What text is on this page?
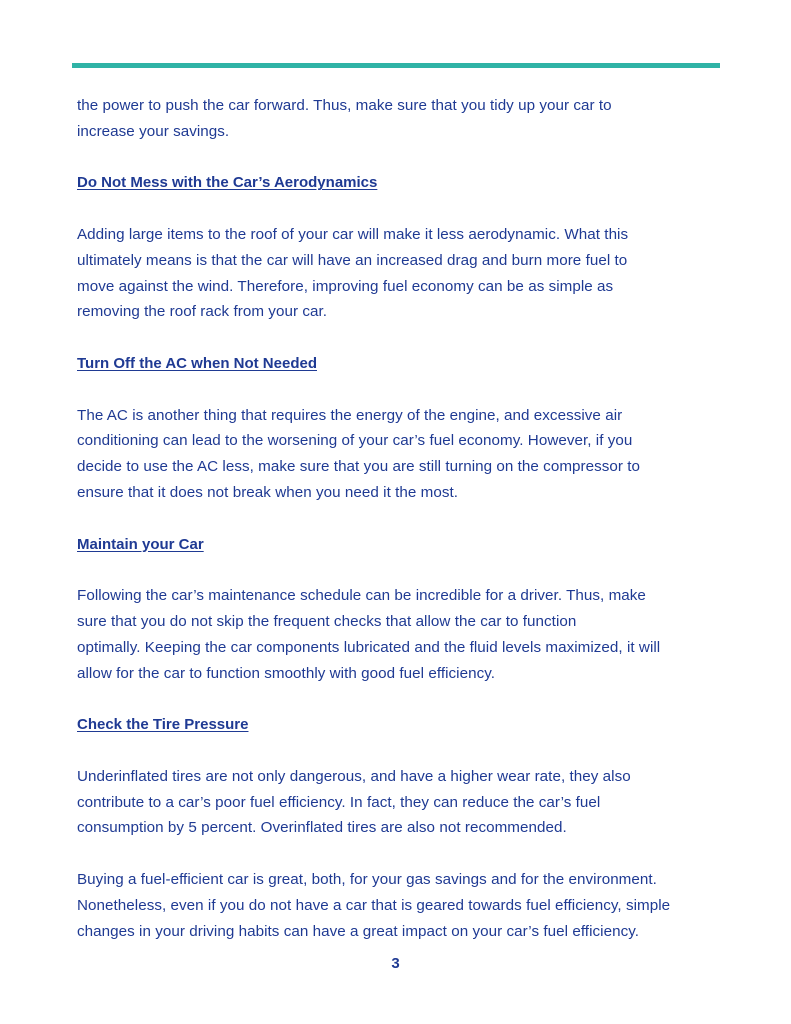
the power to push the car forward. Thus, make sure that you tidy up your car to
increase your savings.

Do Not Mess with the Car’s Aerodynamics

Adding large items to the roof of your car will make it less aerodynamic. What this
ultimately means is that the car will have an increased drag and burn more fuel to
move against the wind. Therefore, improving fuel economy can be as simple as
removing the roof rack from your car.

Turn Off the AC when Not Needed

The AC is another thing that requires the energy of the engine, and excessive air
conditioning can lead to the worsening of your car’s fuel economy. However, if you
decide to use the AC less, make sure that you are still turning on the compressor to
ensure that it does not break when you need it the most.

Maintain your Car

Following the car’s maintenance schedule can be incredible for a driver. Thus, make
sure that you do not skip the frequent checks that allow the car to function
optimally. Keeping the car components lubricated and the fluid levels maximized, it will
allow for the car to function smoothly with good fuel efficiency.

Check the Tire Pressure

Underinflated tires are not only dangerous, and have a higher wear rate, they also
contribute to a car’s poor fuel efficiency. In fact, they can reduce the car’s fuel
consumption by 5 percent. Overinflated tires are also not recommended.

Buying a fuel-efficient car is great, both, for your gas savings and for the environment.
Nonetheless, even if you do not have a car that is geared towards fuel efficiency, simple
changes in your driving habits can have a great impact on your car’s fuel efficiency.

3
